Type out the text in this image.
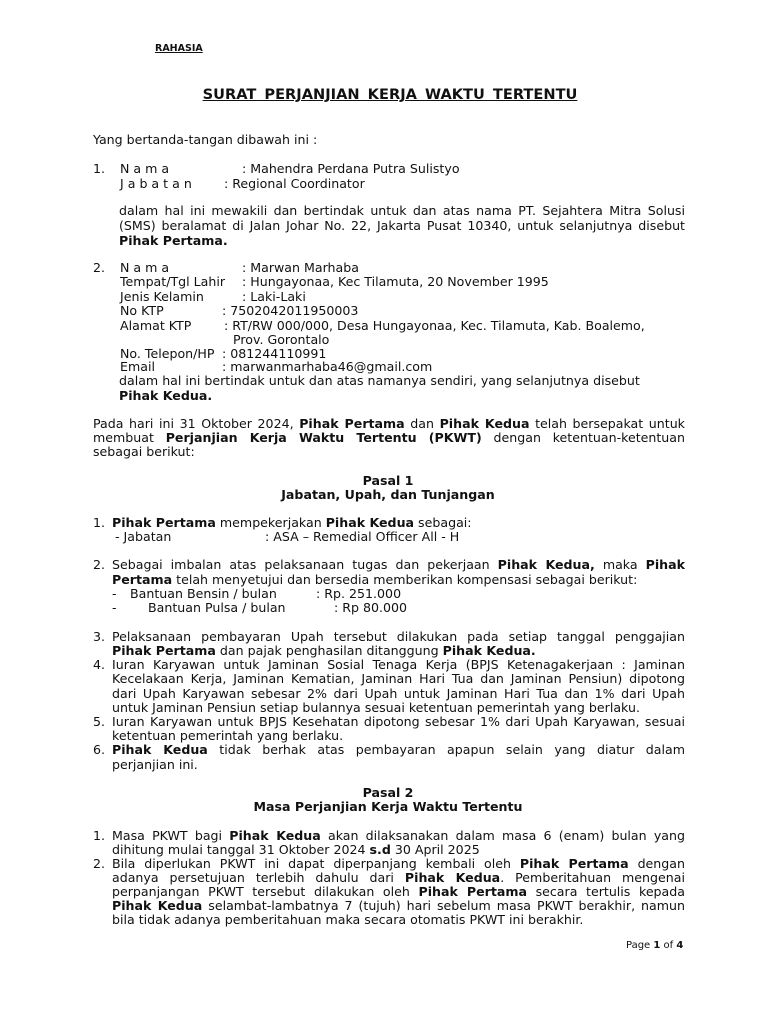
RAHASIA
SURAT PERJANJIAN KERJA WAKTU TERTENTU
Yang bertanda-tangan dibawah ini :
1. N a m a	: Mahendra Perdana Putra Sulistyo
J a b a t a n	: Regional Coordinator
dalam hal ini mewakili dan bertindak untuk dan atas nama PT. Sejahtera Mitra Solusi
(SMS) beralamat di Jalan Johar No. 22, Jakarta Pusat 10340, untuk selanjutnya disebut
Pihak Pertama.
2. N a m a	: Marwan Marhaba
Tempat/Tgl Lahir : Hungayonaa, Kec Tilamuta, 20 November 1995
Jenis Kelamin	: Laki-Laki
No KTP	: 7502042011950003
Alamat KTP	: RT/RW 000/000, Desa Hungayonaa, Kec. Tilamuta, Kab. Boalemo,
Prov. Gorontalo
No. Telepon/HP : 081244110991
Email	: marwanmarhaba46@gmail.com
dalam hal ini bertindak untuk dan atas namanya sendiri, yang selanjutnya disebut
Pihak Kedua.
Pada hari ini 31 Oktober 2024, Pihak Pertama dan Pihak Kedua telah bersepakat untuk
membuat Perjanjian Kerja Waktu Tertentu (PKWT) dengan ketentuan-ketentuan
sebagai berikut:
Pasal 1
Jabatan, Upah, dan Tunjangan
1. Pihak Pertama mempekerjakan Pihak Kedua sebagai:
- Jabatan	: ASA – Remedial Officer All - H
2. Sebagai imbalan atas pelaksanaan tugas dan pekerjaan Pihak Kedua, maka Pihak
Pertama telah menyetujui dan bersedia memberikan kompensasi sebagai berikut:
- Bantuan Bensin / bulan	: Rp. 251.000
- Bantuan Pulsa / bulan	: Rp 80.000
3. Pelaksanaan pembayaran Upah tersebut dilakukan pada setiap tanggal penggajian
Pihak Pertama dan pajak penghasilan ditanggung Pihak Kedua.
4. Iuran Karyawan untuk Jaminan Sosial Tenaga Kerja (BPJS Ketenagakerjaan : Jaminan
Kecelakaan Kerja, Jaminan Kematian, Jaminan Hari Tua dan Jaminan Pensiun) dipotong
dari Upah Karyawan sebesar 2% dari Upah untuk Jaminan Hari Tua dan 1% dari Upah
untuk Jaminan Pensiun setiap bulannya sesuai ketentuan pemerintah yang berlaku.
5. Iuran Karyawan untuk BPJS Kesehatan dipotong sebesar 1% dari Upah Karyawan, sesuai
ketentuan pemerintah yang berlaku.
6. Pihak Kedua tidak berhak atas pembayaran apapun selain yang diatur dalam
perjanjian ini.
Pasal 2
Masa Perjanjian Kerja Waktu Tertentu
1. Masa PKWT bagi Pihak Kedua akan dilaksanakan dalam masa 6 (enam) bulan yang
dihitung mulai tanggal 31 Oktober 2024 s.d 30 April 2025
2. Bila diperlukan PKWT ini dapat diperpanjang kembali oleh Pihak Pertama dengan
adanya persetujuan terlebih dahulu dari Pihak Kedua. Pemberitahuan mengenai
perpanjangan PKWT tersebut dilakukan oleh Pihak Pertama secara tertulis kepada
Pihak Kedua selambat-lambatnya 7 (tujuh) hari sebelum masa PKWT berakhir, namun
bila tidak adanya pemberitahuan maka secara otomatis PKWT ini berakhir.
Page 1 of 4
